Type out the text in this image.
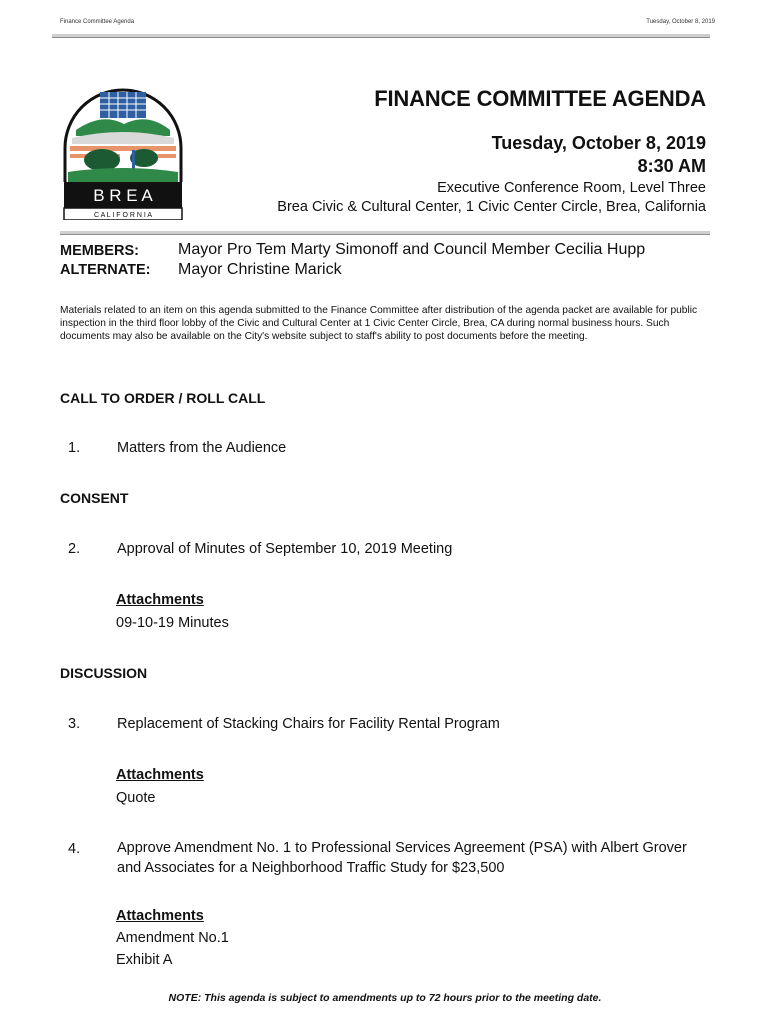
Finance Committee Agenda	Tuesday, October 8, 2019
B R E A
C A L I F O R N I A
FINANCE COMMITTEE AGENDA
Tuesday, October 8, 2019
8:30 AM
Executive Conference Room, Level Three
Brea Civic & Cultural Center, 1 Civic Center Circle, Brea, California
MEMBERS: Mayor Pro Tem Marty Simonoff and Council Member Cecilia Hupp
ALTERNATE: Mayor Christine Marick
Materials related to an item on this agenda submitted to the Finance Committee after distribution of the agenda packet are available for public inspection in the third floor lobby of the Civic and Cultural Center at 1 Civic Center Circle, Brea, CA during normal business hours. Such documents may also be available on the City's website subject to staff's ability to post documents before the meeting.
CALL TO ORDER / ROLL CALL
1.	Matters from the Audience
CONSENT
2.	Approval of Minutes of September 10, 2019 Meeting
Attachments
09-10-19 Minutes
DISCUSSION
3.	Replacement of Stacking Chairs for Facility Rental Program
Attachments
Quote
4.	Approve Amendment No. 1 to Professional Services Agreement (PSA) with Albert Grover and Associates for a Neighborhood Traffic Study for $23,500
Attachments
Amendment No.1
Exhibit A
NOTE: This agenda is subject to amendments up to 72 hours prior to the meeting date.
